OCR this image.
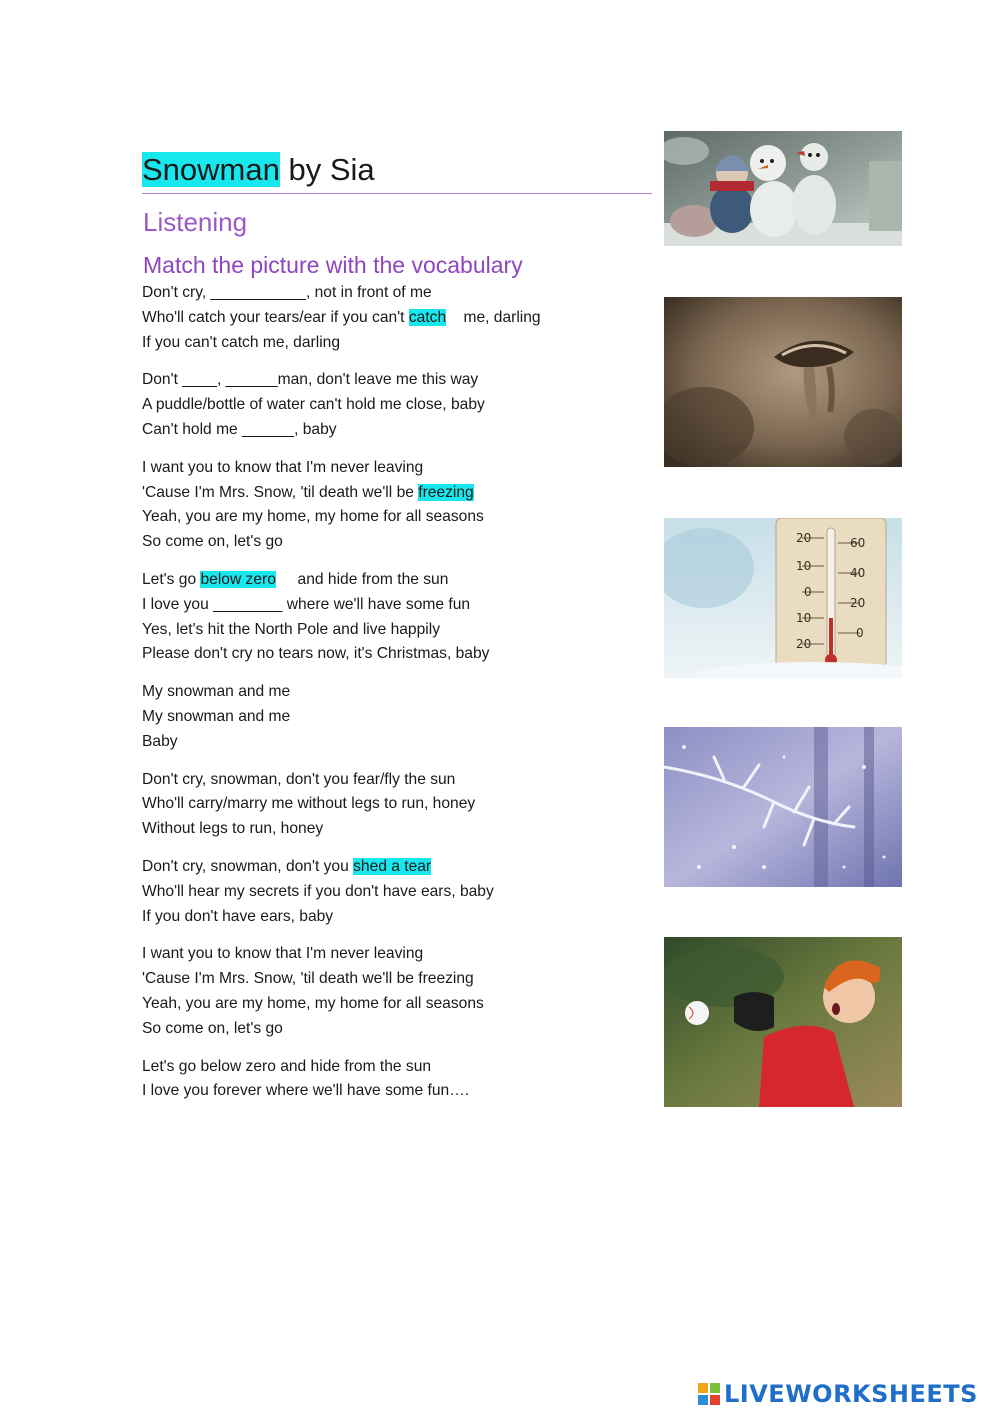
Snowman by Sia
Listening
Match the picture with the vocabulary
Don't cry, ___________, not in front of me
Who'll catch your tears/ear if you can't catch    me, darling
If you can't catch me, darling
Don't ____, ______man, don't leave me this way
A puddle/bottle of water can't hold me close, baby
Can't hold me ______, baby
I want you to know that I'm never leaving
'Cause I'm Mrs. Snow, 'til death we'll be freezing
Yeah, you are my home, my home for all seasons
So come on, let's go
Let's go below zero     and hide from the sun
I love you ________ where we'll have some fun
Yes, let's hit the North Pole and live happily
Please don't cry no tears now, it's Christmas, baby
My snowman and me
My snowman and me
Baby
Don't cry, snowman, don't you fear/fly the sun
Who'll carry/marry me without legs to run, honey
Without legs to run, honey
Don't cry, snowman, don't you shed a tear
Who'll hear my secrets if you don't have ears, baby
If you don't have ears, baby
I want you to know that I'm never leaving
'Cause I'm Mrs. Snow, 'til death we'll be freezing
Yeah, you are my home, my home for all seasons
So come on, let's go
Let's go below zero and hide from the sun
I love you forever where we'll have some fun….
20
10
0
10
20
60
40
20
0
LIVEWORKSHEETS
